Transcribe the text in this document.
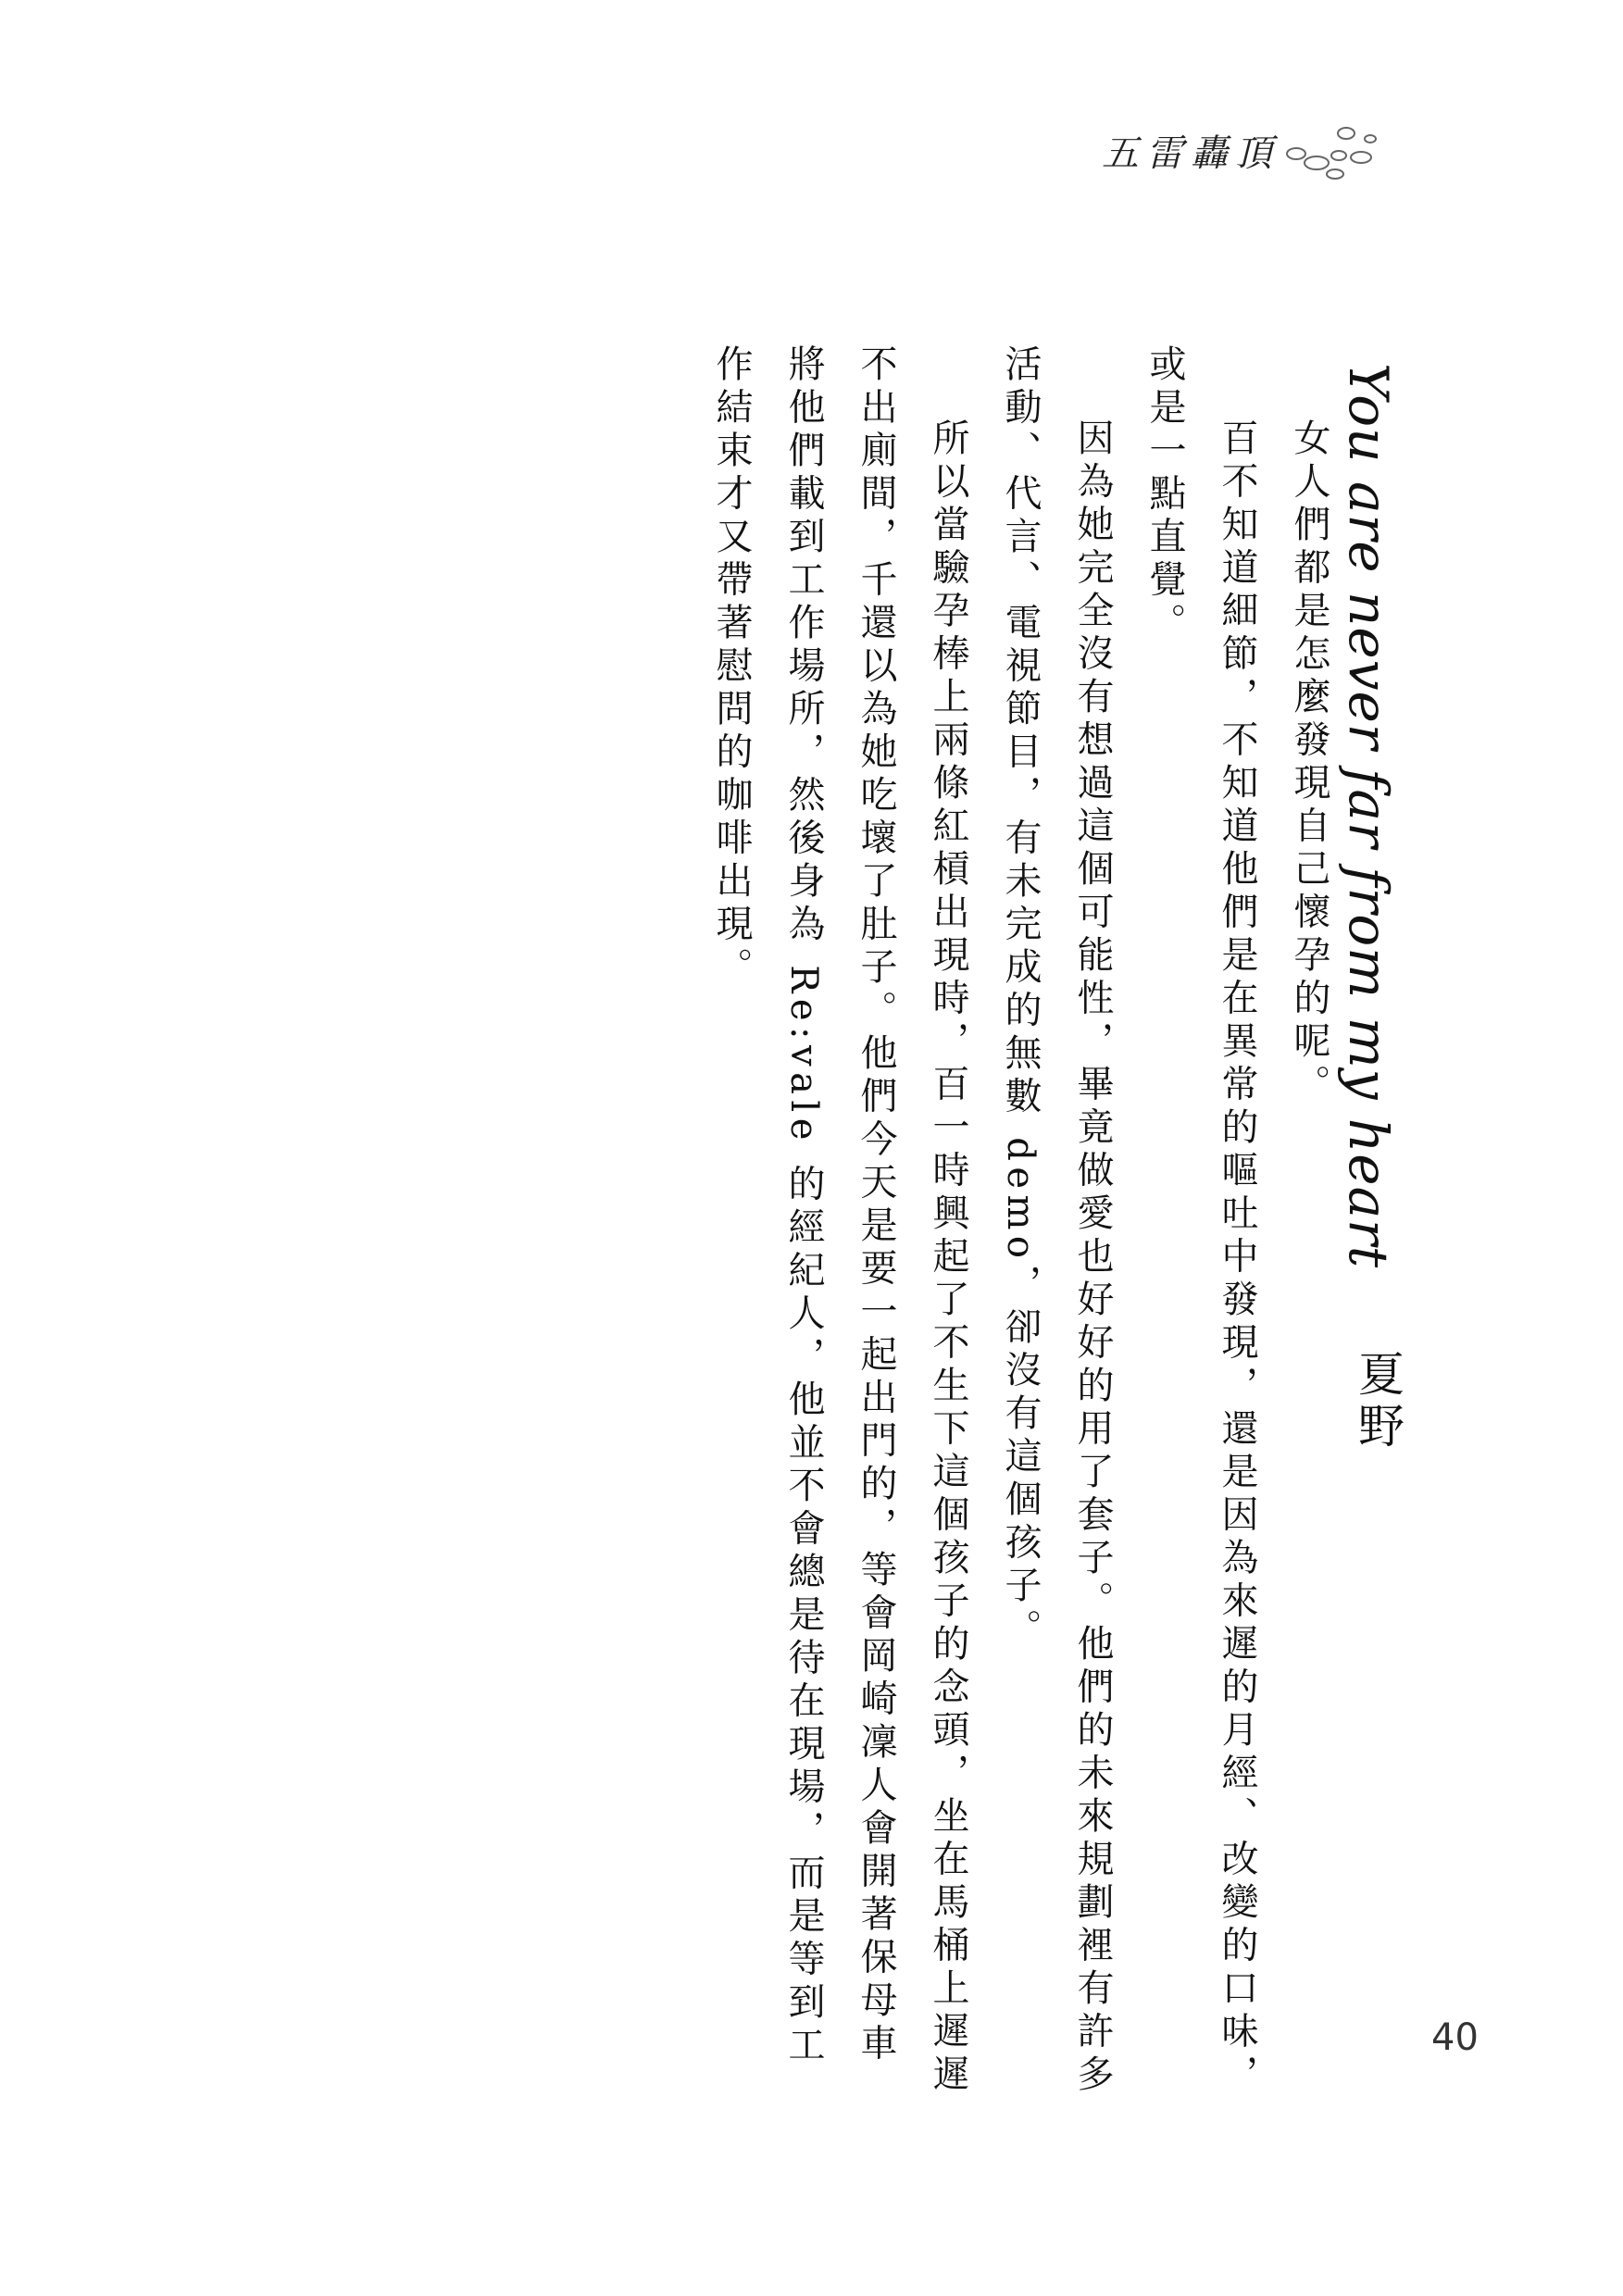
五雷轟頂
You are never far from my heart
夏野

女人們都是怎麼發現自己懷孕的呢。

百不知道細節，不知道他們是在異常的嘔吐中發現，還是因為來遲的月經、改變的口味，或是一點直覺。

因為她完全沒有想過這個可能性，畢竟做愛也好好的用了套子。他們的未來規劃裡有許多活動、代言、電視節目，有未完成的無數 demo，卻沒有這個孩子。

所以當驗孕棒上兩條紅槓出現時，百一時興起了不生下這個孩子的念頭，坐在馬桶上遲遲不出廁間，千還以為她吃壞了肚子。他們今天是要一起出門的，等會岡崎凜人會開著保母車將他們載到工作場所，然後身為 Re:vale 的經紀人，他並不會總是待在現場，而是等到工作結束才又帶著慰問的咖啡出現。

40
